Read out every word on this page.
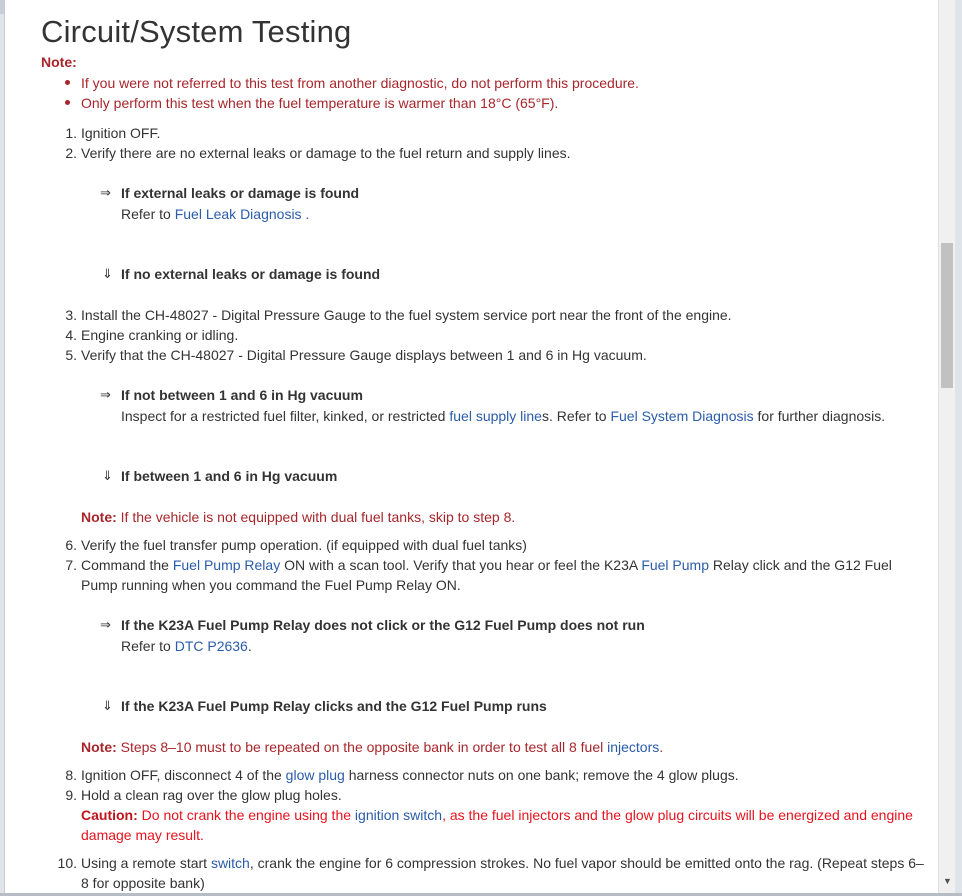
Circuit/System Testing
Note:
If you were not referred to this test from another diagnostic, do not perform this procedure.
Only perform this test when the fuel temperature is warmer than 18°C (65°F).
1. Ignition OFF.
2. Verify there are no external leaks or damage to the fuel return and supply lines.
⇒ If external leaks or damage is found
Refer to Fuel Leak Diagnosis .
⇓ If no external leaks or damage is found
3. Install the CH-48027 - Digital Pressure Gauge to the fuel system service port near the front of the engine.
4. Engine cranking or idling.
5. Verify that the CH-48027 - Digital Pressure Gauge displays between 1 and 6 in Hg vacuum.
⇒ If not between 1 and 6 in Hg vacuum
Inspect for a restricted fuel filter, kinked, or restricted fuel supply lines. Refer to Fuel System Diagnosis for further diagnosis.
⇓ If between 1 and 6 in Hg vacuum
Note: If the vehicle is not equipped with dual fuel tanks, skip to step 8.
6. Verify the fuel transfer pump operation. (if equipped with dual fuel tanks)
7. Command the Fuel Pump Relay ON with a scan tool. Verify that you hear or feel the K23A Fuel Pump Relay click and the G12 Fuel Pump running when you command the Fuel Pump Relay ON.
⇒ If the K23A Fuel Pump Relay does not click or the G12 Fuel Pump does not run
Refer to DTC P2636.
⇓ If the K23A Fuel Pump Relay clicks and the G12 Fuel Pump runs
Note: Steps 8–10 must to be repeated on the opposite bank in order to test all 8 fuel injectors.
8. Ignition OFF, disconnect 4 of the glow plug harness connector nuts on one bank; remove the 4 glow plugs.
9. Hold a clean rag over the glow plug holes.
Caution: Do not crank the engine using the ignition switch, as the fuel injectors and the glow plug circuits will be energized and engine damage may result.
10. Using a remote start switch, crank the engine for 6 compression strokes. No fuel vapor should be emitted onto the rag. (Repeat steps 6–8 for opposite bank)	▼
